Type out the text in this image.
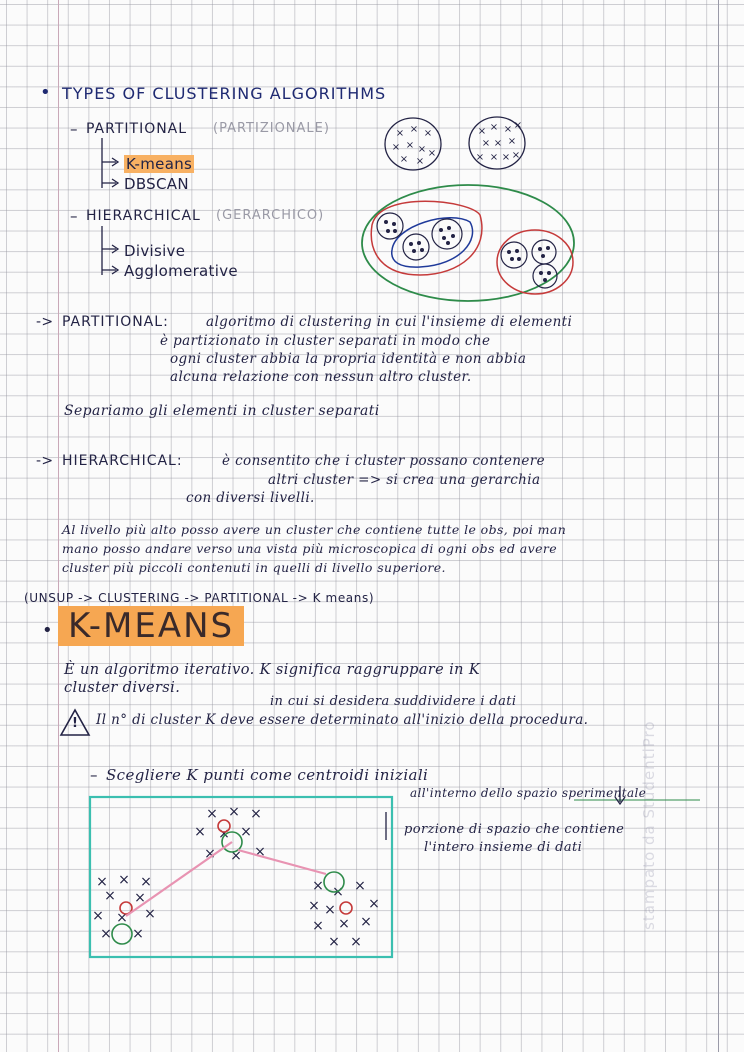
• TYPES OF CLUSTERING ALGORITHMS
– PARTITIONAL (PARTIZIONALE)
K-means
DBSCAN
– HIERARCHICAL (GERARCHICO)
Divisive
Agglomerative
-> PARTITIONAL:	algoritmo di clustering in cui l'insieme di elementi
è partizionato in cluster separati in modo che
ogni cluster abbia la propria identità e non abbia
alcuna relazione con nessun altro cluster.
Separiamo gli elementi in cluster separati
-> HIERARCHICAL:	è consentito che i cluster possano contenere
altri cluster => si crea una gerarchia
con diversi livelli.
Al livello più alto posso avere un cluster che contiene tutte le obs, poi man
mano posso andare verso una vista più microscopica di ogni obs ed avere
cluster più piccoli contenuti in quelli di livello superiore.
(UNSUP -> CLUSTERING -> PARTITIONAL -> K means)
• K-MEANS
È un algoritmo iterativo. K significa raggruppare in K
cluster diversi.
in cui si desidera suddividere i dati
! Il n° di cluster K deve essere determinato all'inizio della procedura.
– Scegliere K punti come centroidi iniziali
all'interno dello spazio sperimentale
porzione di spazio che contiene
l'intero insieme di dati	stampato da StudentiPro
× × ×
× × ×
× ×
×
× × × ×
× × ×
× × × ×
× × ×
× × ×
×	×
×
× × ×
× ×
× × ×
× ×
× × ×
× × ×
× × ×
× ×
